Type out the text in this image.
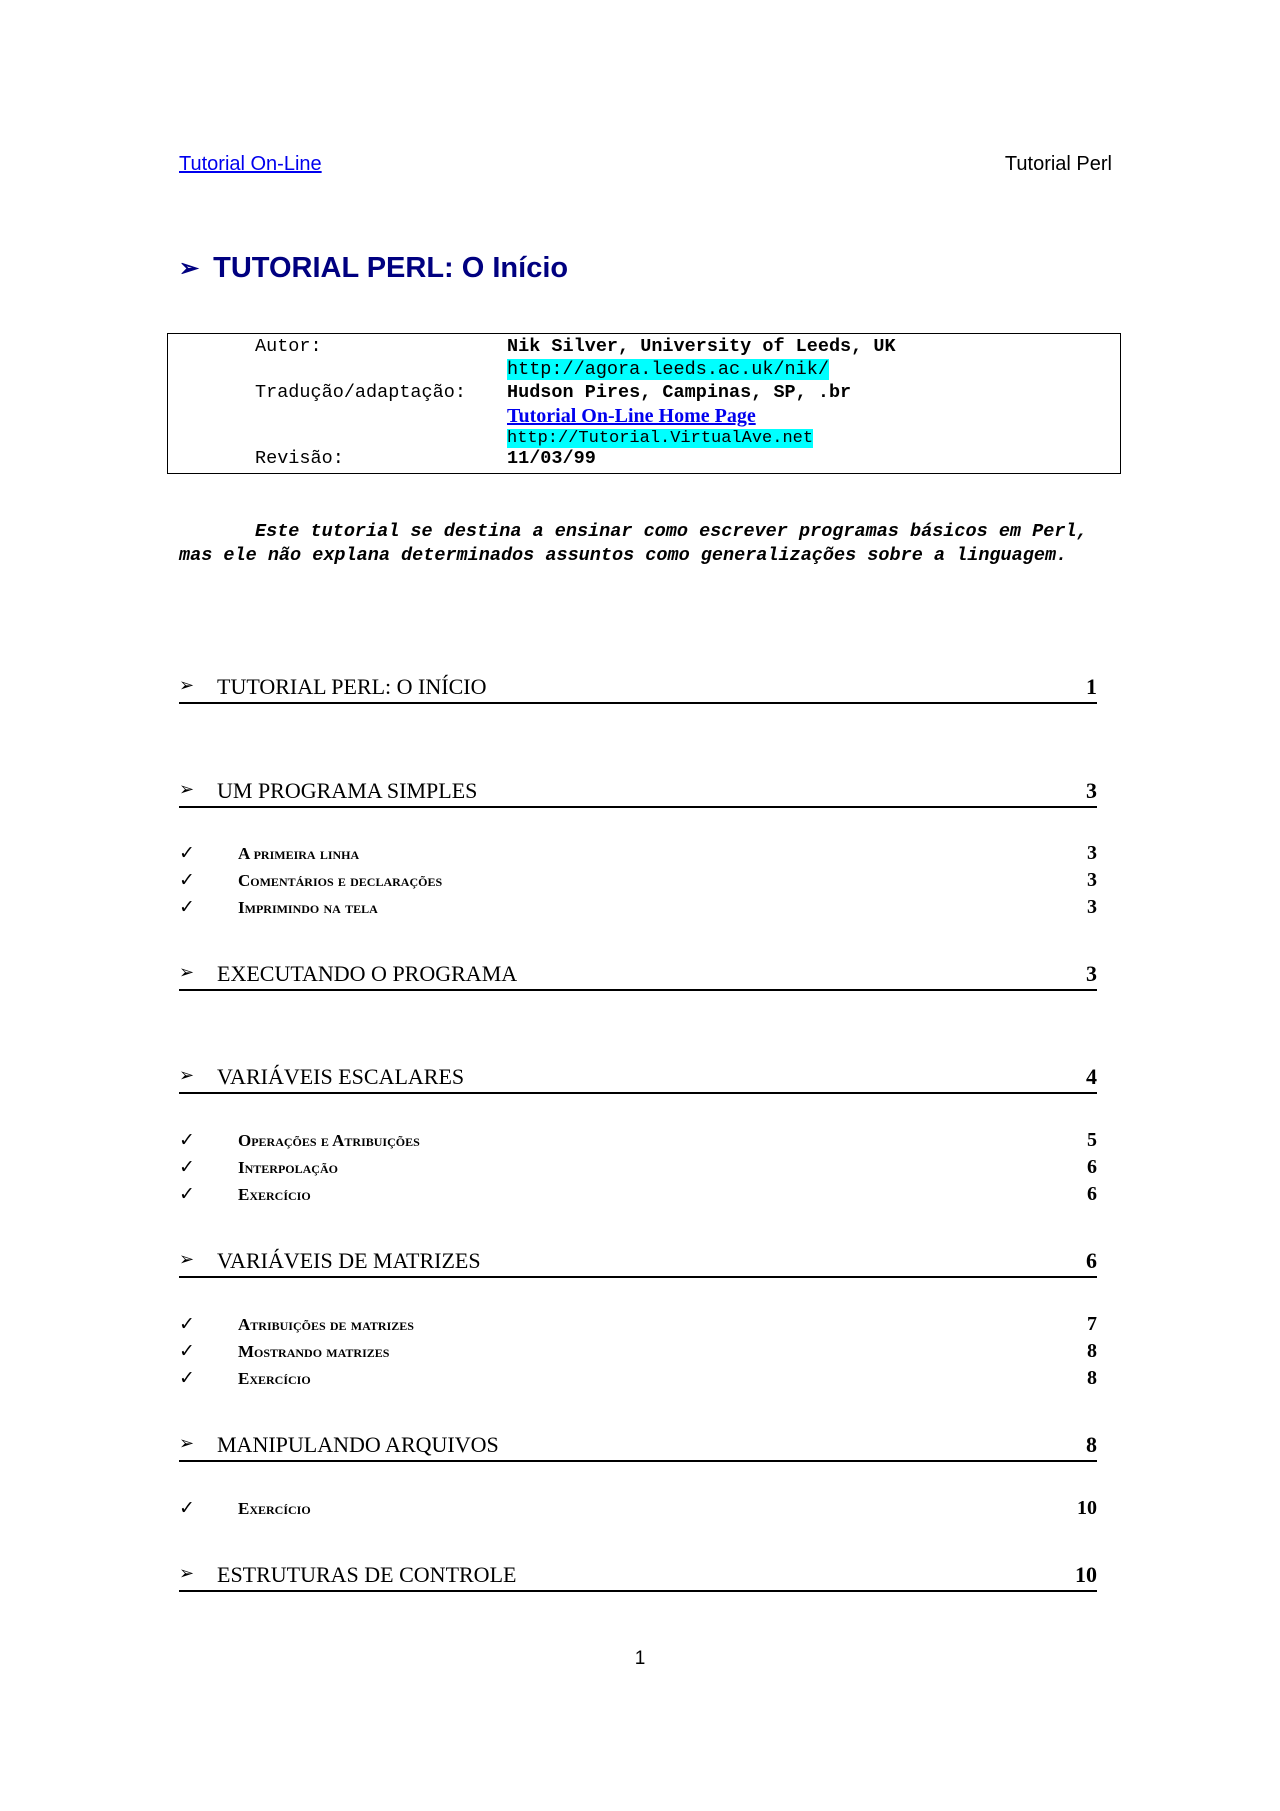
Tutorial On-Line	Tutorial Perl
➢ TUTORIAL PERL: O Início
Autor:	Nik Silver, University of Leeds, UK
http://agora.leeds.ac.uk/nik/
Tradução/adaptação: Hudson Pires, Campinas, SP, .br
Tutorial On-Line Home Page
http://Tutorial.VirtualAve.net
Revisão:	11/03/99
Este tutorial se destina a ensinar como escrever programas básicos em Perl, mas ele não explana determinados assuntos como generalizações sobre a linguagem.
➢ TUTORIAL PERL: O INÍCIO	1
➢ UM PROGRAMA SIMPLES	3
✓	A primeira linha	3
✓	Comentários e declarações	3
✓	Imprimindo na tela	3
➢ EXECUTANDO O PROGRAMA	3
➢ VARIÁVEIS ESCALARES	4
✓	Operações e Atribuições	5
✓	Interpolação	6
✓	Exercício	6
➢ VARIÁVEIS DE MATRIZES	6
✓	Atribuições de matrizes	7
✓	Mostrando matrizes	8
✓	Exercício	8
➢ MANIPULANDO ARQUIVOS	8
✓	Exercício	10
➢ ESTRUTURAS DE CONTROLE	10
1
